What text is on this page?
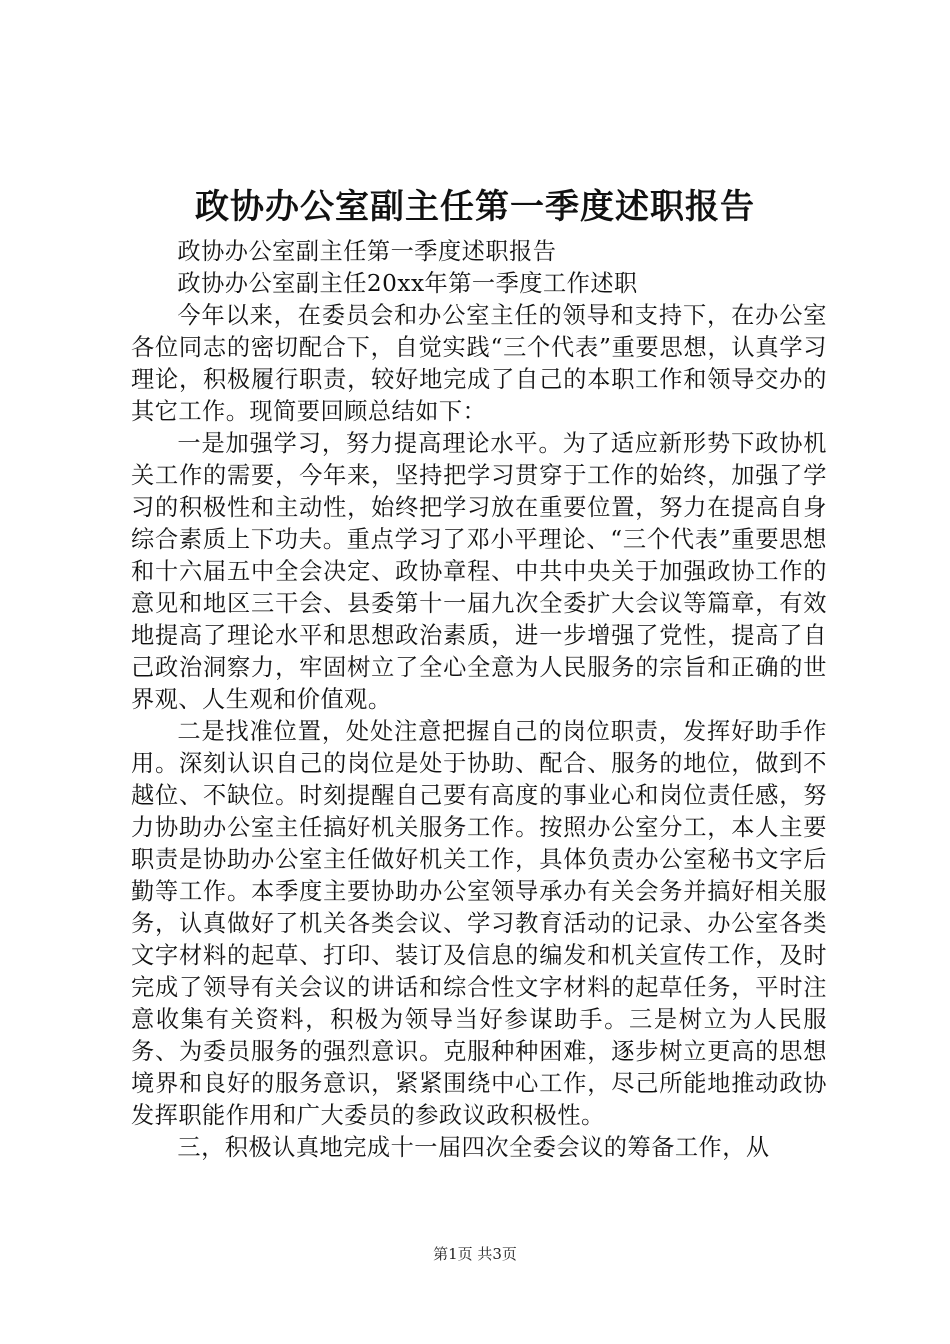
政协办公室副主任第一季度述职报告

政协办公室副主任第一季度述职报告

政协办公室副主任20xx年第一季度工作述职

今年以来，在委员会和办公室主任的领导和支持下，在办公室各位同志的密切配合下，自觉实践“三个代表”重要思想，认真学习理论，积极履行职责，较好地完成了自己的本职工作和领导交办的其它工作。现简要回顾总结如下：

一是加强学习，努力提高理论水平。为了适应新形势下政协机关工作的需要，今年来，坚持把学习贯穿于工作的始终，加强了学习的积极性和主动性，始终把学习放在重要位置，努力在提高自身综合素质上下功夫。重点学习了邓小平理论、“三个代表”重要思想和十六届五中全会决定、政协章程、中共中央关于加强政协工作的意见和地区三干会、县委第十一届九次全委扩大会议等篇章，有效地提高了理论水平和思想政治素质，进一步增强了党性，提高了自己政治洞察力，牢固树立了全心全意为人民服务的宗旨和正确的世界观、人生观和价值观。

二是找准位置，处处注意把握自己的岗位职责，发挥好助手作用。深刻认识自己的岗位是处于协助、配合、服务的地位，做到不越位、不缺位。时刻提醒自己要有高度的事业心和岗位责任感，努力协助办公室主任搞好机关服务工作。按照办公室分工，本人主要职责是协助办公室主任做好机关工作，具体负责办公室秘书文字后勤等工作。本季度主要协助办公室领导承办有关会务并搞好相关服务，认真做好了机关各类会议、学习教育活动的记录、办公室各类文字材料的起草、打印、装订及信息的编发和机关宣传工作，及时完成了领导有关会议的讲话和综合性文字材料的起草任务，平时注意收集有关资料，积极为领导当好参谋助手。三是树立为人民服务、为委员服务的强烈意识。克服种种困难，逐步树立更高的思想境界和良好的服务意识，紧紧围绕中心工作，尽己所能地推动政协发挥职能作用和广大委员的参政议政积极性。

三，积极认真地完成十一届四次全委会议的筹备工作，从

第1页 共3页
